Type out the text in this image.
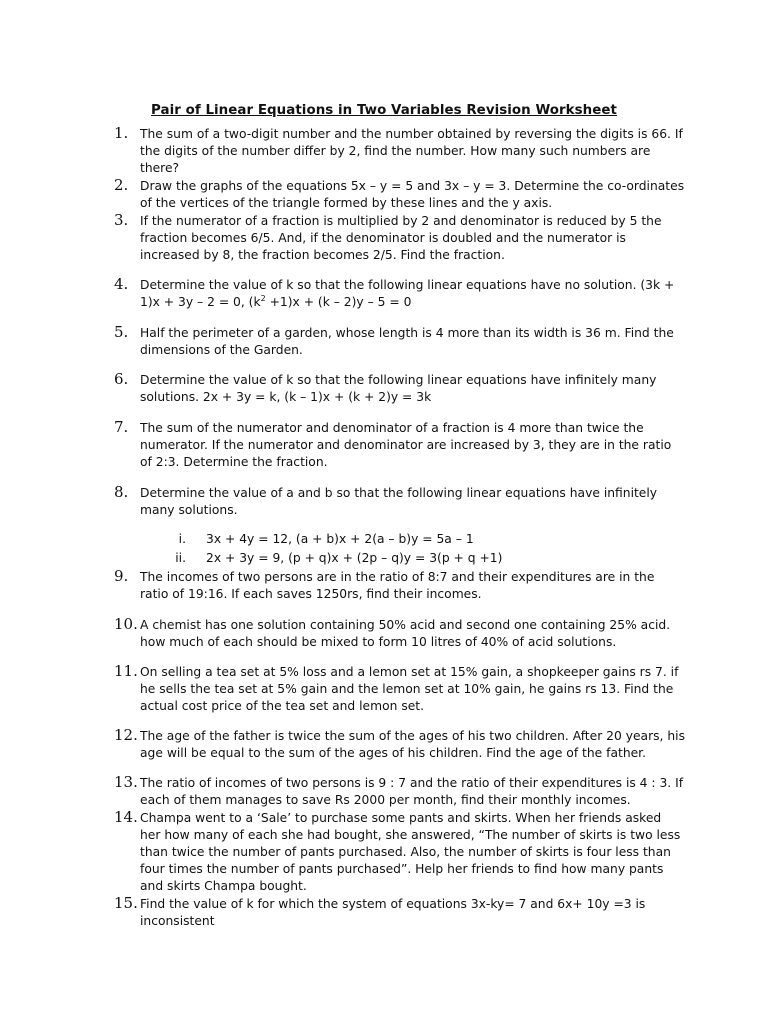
Pair of Linear Equations in Two Variables Revision Worksheet
1. The sum of a two-digit number and the number obtained by reversing the digits is 66. If the digits of the number differ by 2, find the number. How many such numbers are there?
2. Draw the graphs of the equations 5x – y = 5 and 3x – y = 3. Determine the co-ordinates of the vertices of the triangle formed by these lines and the y axis.
3. If the numerator of a fraction is multiplied by 2 and denominator is reduced by 5 the fraction becomes 6/5. And, if the denominator is doubled and the numerator is increased by 8, the fraction becomes 2/5. Find the fraction.
4. Determine the value of k so that the following linear equations have no solution. (3k + 1)x + 3y – 2 = 0, $(k^2 +1)x + (k - 2)y - 5 = 0$
5. Half the perimeter of a garden, whose length is 4 more than its width is 36 m. Find the dimensions of the Garden.
6. Determine the value of k so that the following linear equations have infinitely many solutions. 2x + 3y = k, (k – 1)x + (k + 2)y = 3k
7. The sum of the numerator and denominator of a fraction is 4 more than twice the numerator. If the numerator and denominator are increased by 3, they are in the ratio of 2:3. Determine the fraction.
8. Determine the value of a and b so that the following linear equations have infinitely many solutions.
i. 3x + 4y = 12, (a + b)x + 2(a – b)y = 5a – 1
ii. 2x + 3y = 9, (p + q)x + (2p – q)y = 3(p + q +1)
9. The incomes of two persons are in the ratio of 8:7 and their expenditures are in the ratio of 19:16. If each saves 1250rs, find their incomes.
10. A chemist has one solution containing 50% acid and second one containing 25% acid. how much of each should be mixed to form 10 litres of 40% of acid solutions.
11. On selling a tea set at 5% loss and a lemon set at 15% gain, a shopkeeper gains rs 7. if he sells the tea set at 5% gain and the lemon set at 10% gain, he gains rs 13. Find the actual cost price of the tea set and lemon set.
12. The age of the father is twice the sum of the ages of his two children. After 20 years, his age will be equal to the sum of the ages of his children. Find the age of the father.
13. The ratio of incomes of two persons is 9 : 7 and the ratio of their expenditures is 4 : 3. If each of them manages to save Rs 2000 per month, find their monthly incomes.
14. Champa went to a ‘Sale’ to purchase some pants and skirts. When her friends asked her how many of each she had bought, she answered, “The number of skirts is two less than twice the number of pants purchased. Also, the number of skirts is four less than four times the number of pants purchased”. Help her friends to find how many pants and skirts Champa bought.
15. Find the value of k for which the system of equations 3x-ky= 7 and 6x+ 10y =3 is inconsistent
